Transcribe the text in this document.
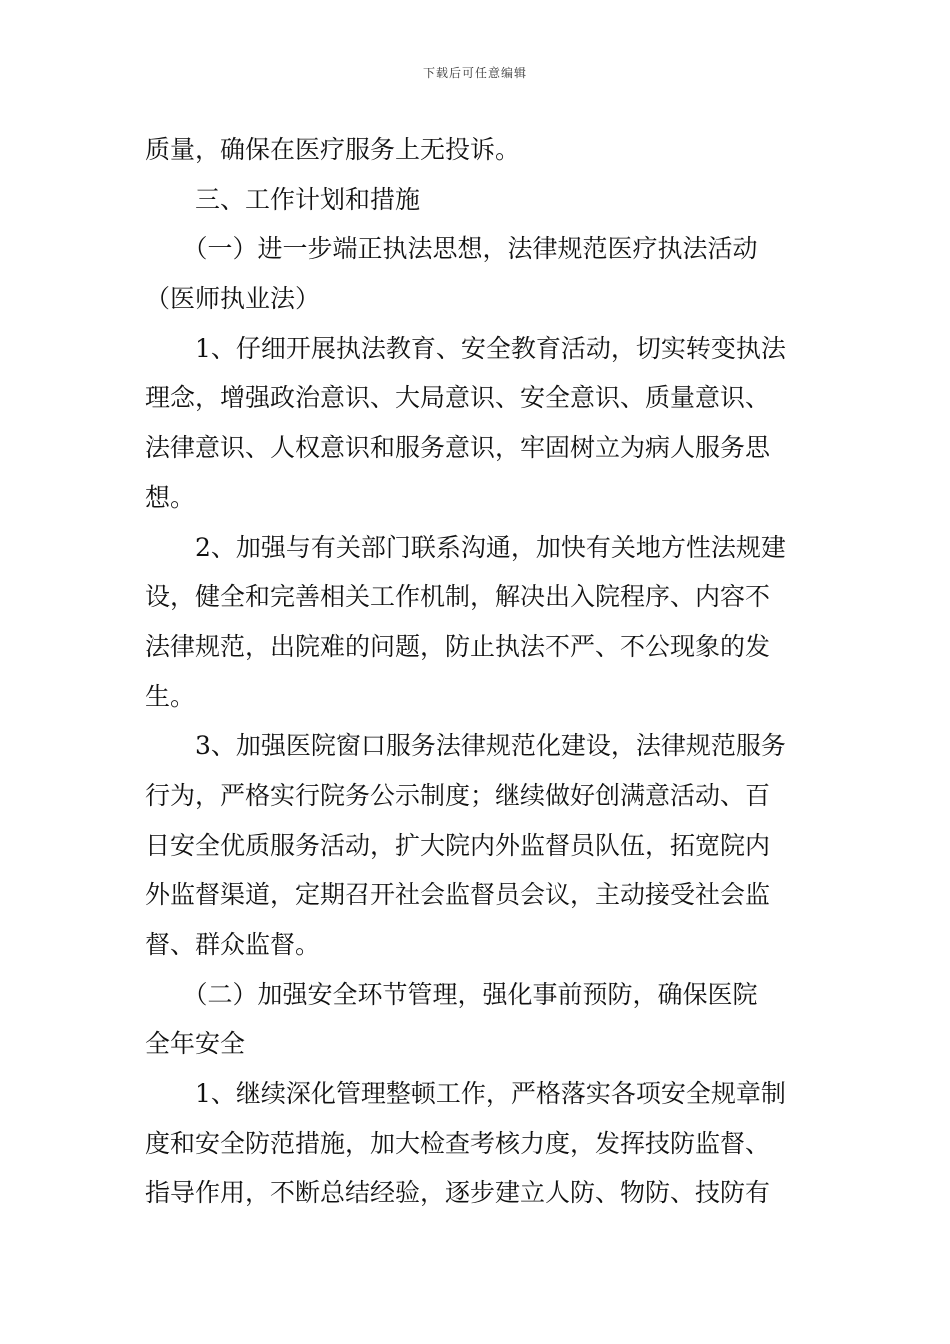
下载后可任意编辑
质量，确保在医疗服务上无投诉。
　　三、工作计划和措施
　　（一）进一步端正执法思想，法律规范医疗执法活动
（医师执业法）
　　1、仔细开展执法教育、安全教育活动，切实转变执法
理念，增强政治意识、大局意识、安全意识、质量意识、
法律意识、人权意识和服务意识，牢固树立为病人服务思
想。
　　2、加强与有关部门联系沟通，加快有关地方性法规建
设，健全和完善相关工作机制，解决出入院程序、内容不
法律规范，出院难的问题，防止执法不严、不公现象的发
生。
　　3、加强医院窗口服务法律规范化建设，法律规范服务
行为，严格实行院务公示制度；继续做好创满意活动、百
日安全优质服务活动，扩大院内外监督员队伍，拓宽院内
外监督渠道，定期召开社会监督员会议，主动接受社会监
督、群众监督。
　　（二）加强安全环节管理，强化事前预防，确保医院
全年安全
　　1、继续深化管理整顿工作，严格落实各项安全规章制
度和安全防范措施，加大检查考核力度，发挥技防监督、
指导作用，不断总结经验，逐步建立人防、物防、技防有
